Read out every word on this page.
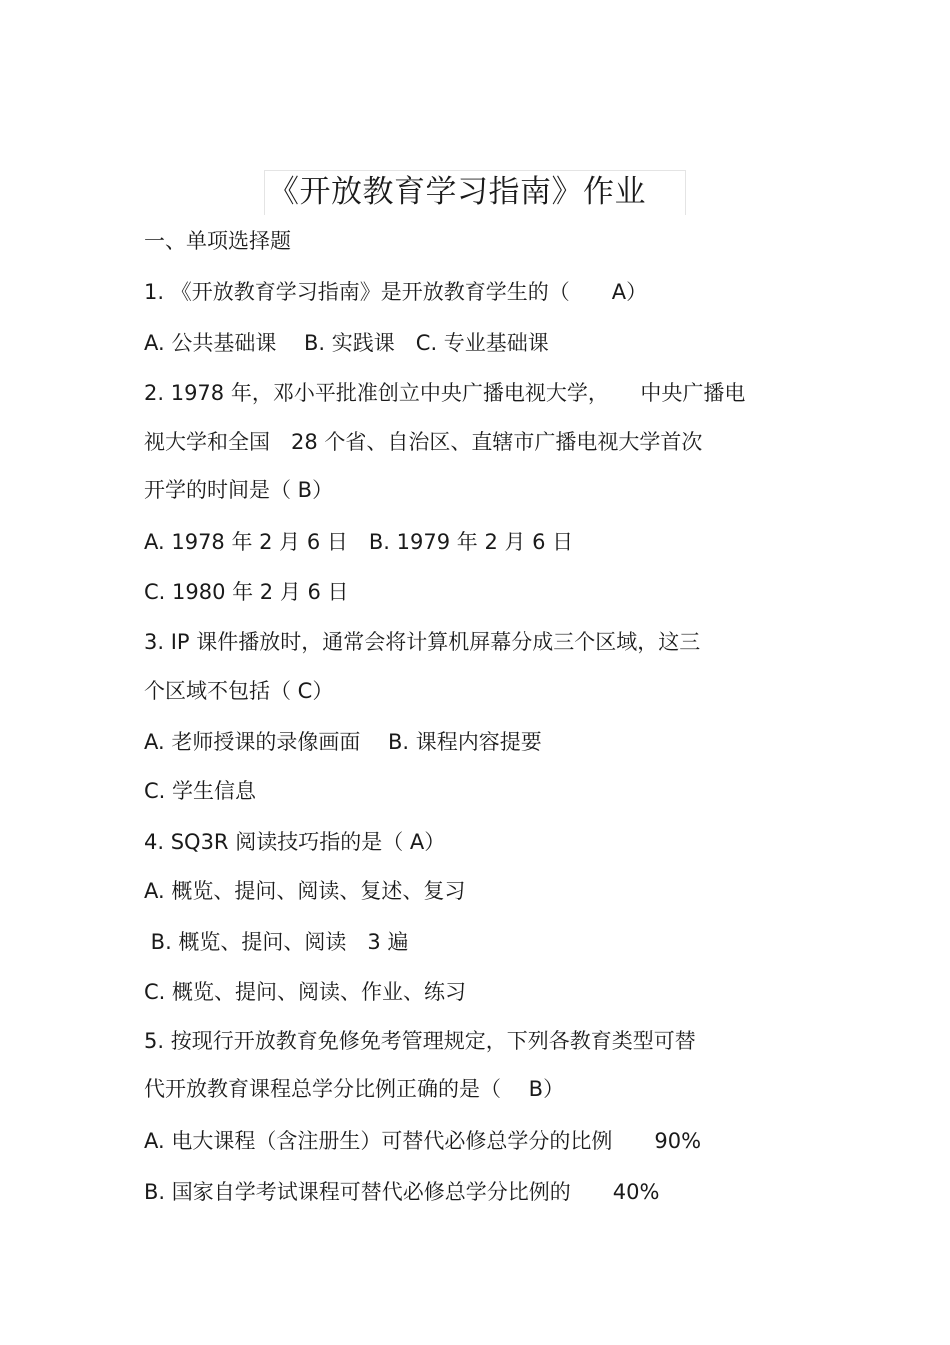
《开放教育学习指南》作业
一、单项选择题
1. 《开放教育学习指南》是开放教育学生的（　　A）
A. 公共基础课　 B. 实践课　C. 专业基础课
2. 1978 年，邓小平批准创立中央广播电视大学，　　中央广播电
视大学和全国　28 个省、自治区、直辖市广播电视大学首次
开学的时间是（ B）
A. 1978 年 2 月 6 日　B. 1979 年 2 月 6 日
C. 1980 年 2 月 6 日
3. IP 课件播放时，通常会将计算机屏幕分成三个区域，这三
个区域不包括（ C）
A. 老师授课的录像画面　 B. 课程内容提要
C. 学生信息
4. SQ3R 阅读技巧指的是（ A）
A. 概览、提问、阅读、复述、复习
B. 概览、提问、阅读　3 遍
C. 概览、提问、阅读、作业、练习
5. 按现行开放教育免修免考管理规定，下列各教育类型可替
代开放教育课程总学分比例正确的是（　 B）
A. 电大课程（含注册生）可替代必修总学分的比例　　90%
B. 国家自学考试课程可替代必修总学分比例的　　40%
